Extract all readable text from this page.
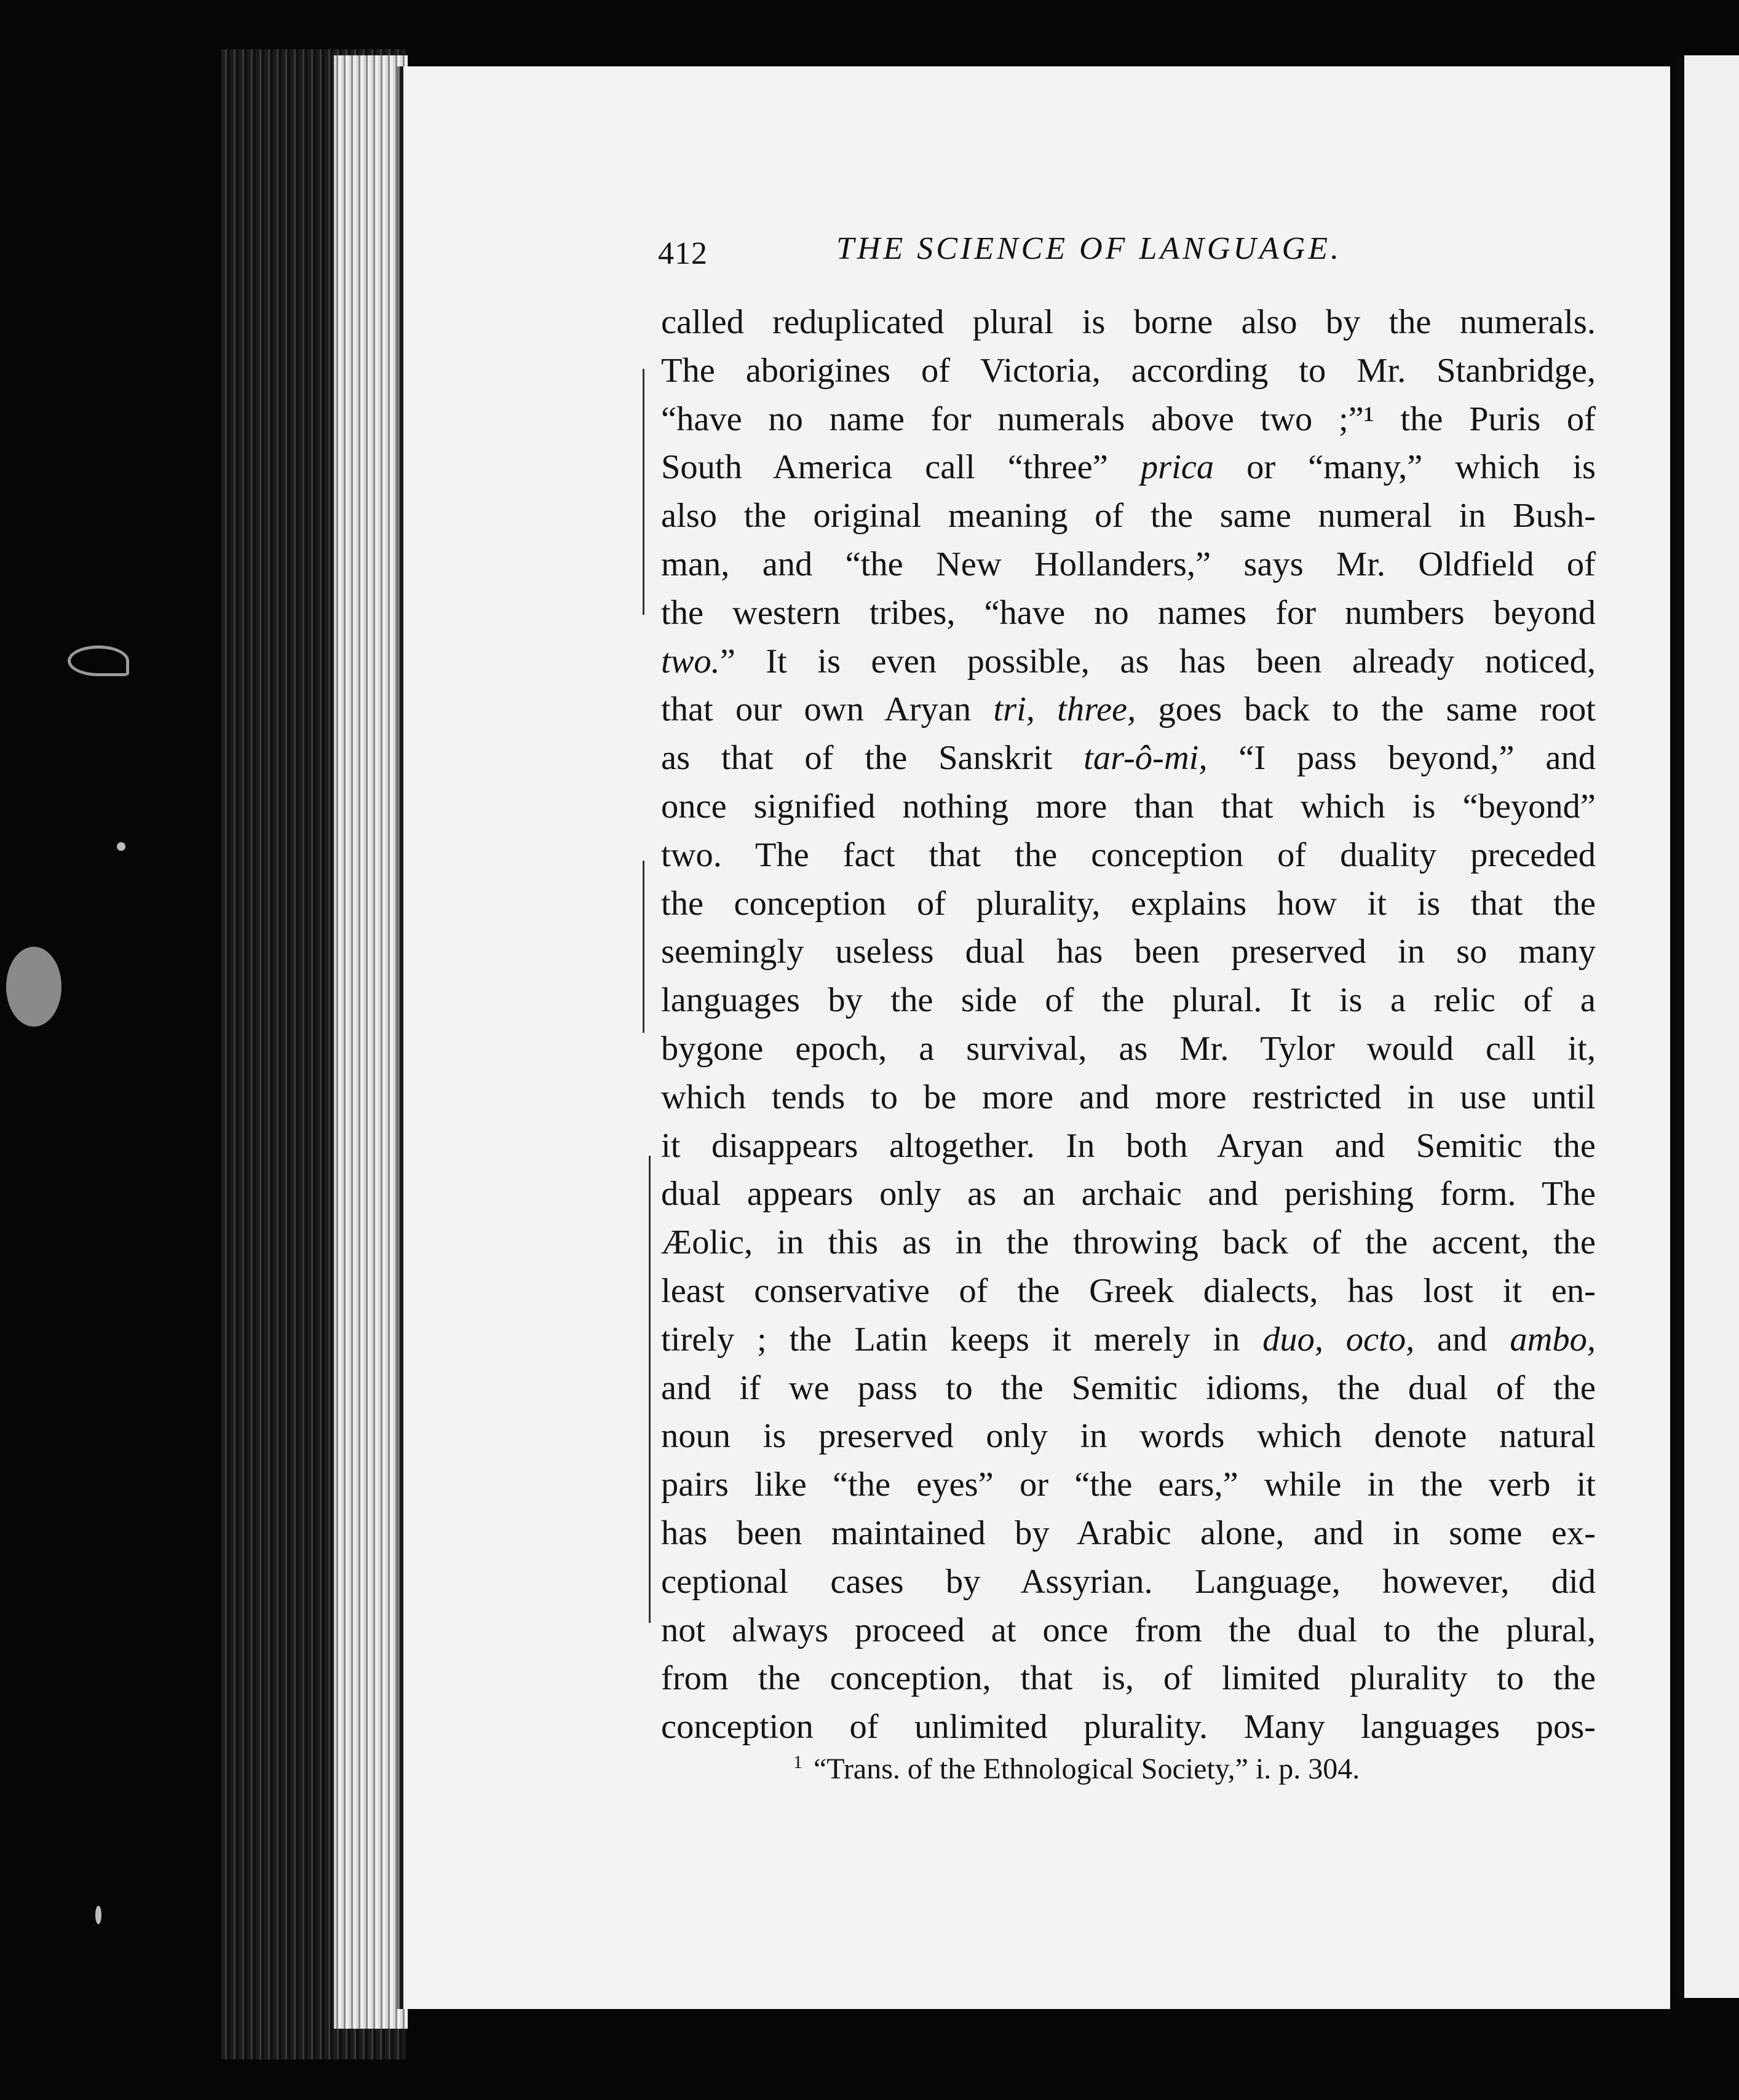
412	THE SCIENCE OF LANGUAGE.
called reduplicated plural is borne also by the numerals.
The aborigines of Victoria, according to Mr. Stanbridge,
“have no name for numerals above two ;”¹ the Puris of
South America call “three” prica or “many,” which is
also the original meaning of the same numeral in Bush-
man, and “the New Hollanders,” says Mr. Oldfield of
the western tribes, “have no names for numbers beyond
two.” It is even possible, as has been already noticed,
that our own Aryan tri, three, goes back to the same root
as that of the Sanskrit tar-ô-mi, “I pass beyond,” and
once signified nothing more than that which is “beyond”
two. The fact that the conception of duality preceded
the conception of plurality, explains how it is that the
seemingly useless dual has been preserved in so many
languages by the side of the plural. It is a relic of a
bygone epoch, a survival, as Mr. Tylor would call it,
which tends to be more and more restricted in use until
it disappears altogether. In both Aryan and Semitic the
dual appears only as an archaic and perishing form. The
Æolic, in this as in the throwing back of the accent, the
least conservative of the Greek dialects, has lost it en-
tirely ; the Latin keeps it merely in duo, octo, and ambo,
and if we pass to the Semitic idioms, the dual of the
noun is preserved only in words which denote natural
pairs like “the eyes” or “the ears,” while in the verb it
has been maintained by Arabic alone, and in some ex-
ceptional cases by Assyrian. Language, however, did
not always proceed at once from the dual to the plural,
from the conception, that is, of limited plurality to the
conception of unlimited plurality. Many languages pos-
$^1$ “Trans. of the Ethnological Society,” i. p. 304.
